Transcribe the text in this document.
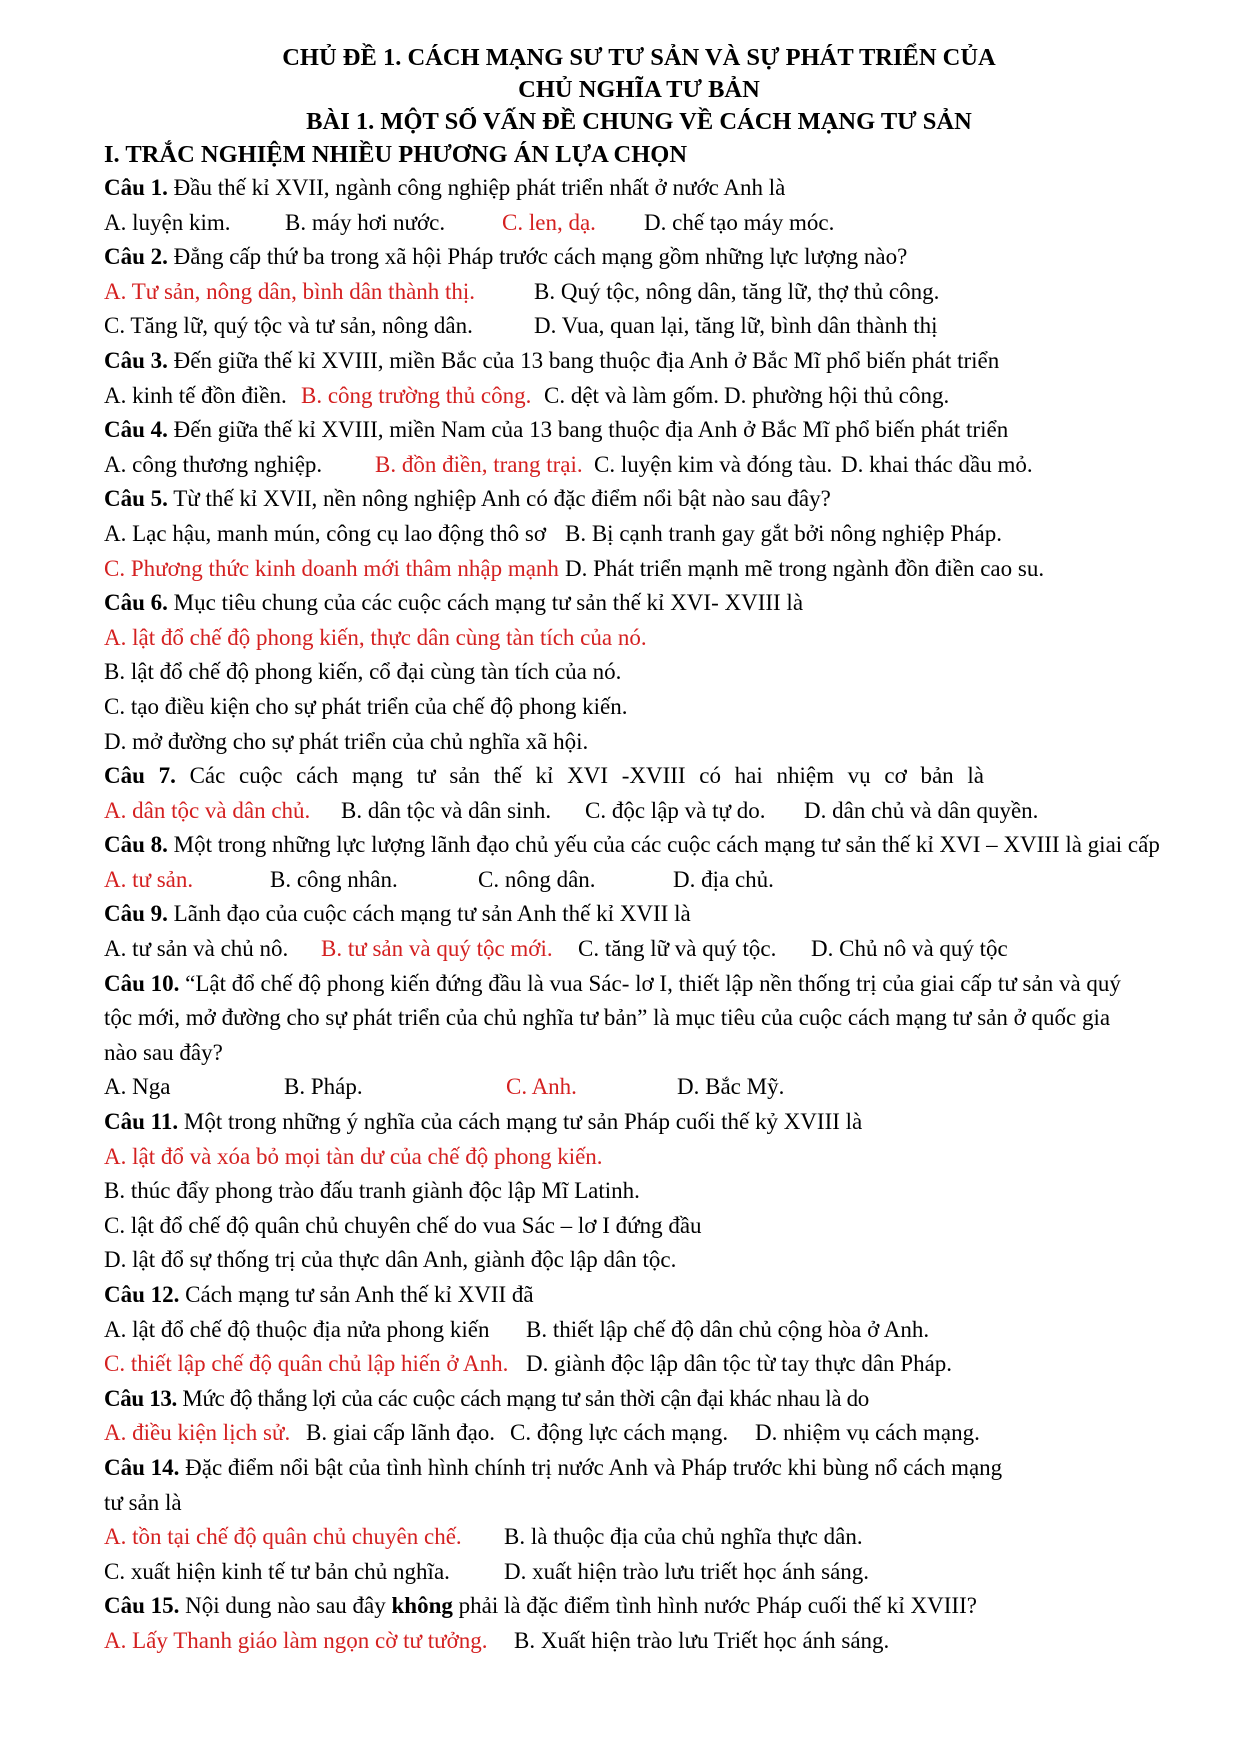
CHỦ ĐỀ 1. CÁCH MẠNG SƯ TƯ SẢN VÀ SỰ PHÁT TRIỂN CỦA
CHỦ NGHĨA TƯ BẢN
BÀI 1. MỘT SỐ VẤN ĐỀ CHUNG VỀ CÁCH MẠNG TƯ SẢN
I. TRẮC NGHIỆM NHIỀU PHƯƠNG ÁN LỰA CHỌN
Câu 1. Đầu thế kỉ XVII, ngành công nghiệp phát triển nhất ở nước Anh là
A. luyện kim. B. máy hơi nước. C. len, dạ. D. chế tạo máy móc.
Câu 2. Đẳng cấp thứ ba trong xã hội Pháp trước cách mạng gồm những lực lượng nào?
A. Tư sản, nông dân, bình dân thành thị.	B. Quý tộc, nông dân, tăng lữ, thợ thủ công.
C. Tăng lữ, quý tộc và tư sản, nông dân.	D. Vua, quan lại, tăng lữ, bình dân thành thị
Câu 3. Đến giữa thế kỉ XVIII, miền Bắc của 13 bang thuộc địa Anh ở Bắc Mĩ phổ biến phát triển
A. kinh tế đồn điền. B. công trường thủ công. C. dệt và làm gốm. D. phường hội thủ công.
Câu 4. Đến giữa thế kỉ XVIII, miền Nam của 13 bang thuộc địa Anh ở Bắc Mĩ phổ biến phát triển
A. công thương nghiệp. B. đồn điền, trang trại. C. luyện kim và đóng tàu. D. khai thác dầu mỏ.
Câu 5. Từ thế kỉ XVII, nền nông nghiệp Anh có đặc điểm nổi bật nào sau đây?
A. Lạc hậu, manh mún, công cụ lao động thô sơ B. Bị cạnh tranh gay gắt bởi nông nghiệp Pháp.
C. Phương thức kinh doanh mới thâm nhập mạnh D. Phát triển mạnh mẽ trong ngành đồn điền cao su.
Câu 6. Mục tiêu chung của các cuộc cách mạng tư sản thế kỉ XVI- XVIII là
A. lật đổ chế độ phong kiến, thực dân cùng tàn tích của nó.
B. lật đổ chế độ phong kiến, cổ đại cùng tàn tích của nó.
C. tạo điều kiện cho sự phát triển của chế độ phong kiến.
D. mở đường cho sự phát triển của chủ nghĩa xã hội.
Câu 7. Các cuộc cách mạng tư sản thế kỉ XVI -XVIII có hai nhiệm vụ cơ bản là
A. dân tộc và dân chủ. B. dân tộc và dân sinh. C. độc lập và tự do. D. dân chủ và dân quyền.
Câu 8. Một trong những lực lượng lãnh đạo chủ yếu của các cuộc cách mạng tư sản thế kỉ XVI – XVIII là giai cấp
A. tư sản.	B. công nhân.	C. nông dân.	D. địa chủ.
Câu 9. Lãnh đạo của cuộc cách mạng tư sản Anh thế kỉ XVII là
A. tư sản và chủ nô. B. tư sản và quý tộc mới. C. tăng lữ và quý tộc. D. Chủ nô và quý tộc
Câu 10. “Lật đổ chế độ phong kiến đứng đầu là vua Sác- lơ I, thiết lập nền thống trị của giai cấp tư sản và quý tộc mới, mở đường cho sự phát triển của chủ nghĩa tư bản” là mục tiêu của cuộc cách mạng tư sản ở quốc gia nào sau đây?
A. Nga	B. Pháp.	C. Anh.	D. Bắc Mỹ.
Câu 11. Một trong những ý nghĩa của cách mạng tư sản Pháp cuối thế kỷ XVIII là
A. lật đổ và xóa bỏ mọi tàn dư của chế độ phong kiến.
B. thúc đẩy phong trào đấu tranh giành độc lập Mĩ Latinh.
C. lật đổ chế độ quân chủ chuyên chế do vua Sác – lơ I đứng đầu
D. lật đổ sự thống trị của thực dân Anh, giành độc lập dân tộc.
Câu 12. Cách mạng tư sản Anh thế kỉ XVII đã
A. lật đổ chế độ thuộc địa nửa phong kiến B. thiết lập chế độ dân chủ cộng hòa ở Anh.
C. thiết lập chế độ quân chủ lập hiến ở Anh. D. giành độc lập dân tộc từ tay thực dân Pháp.
Câu 13. Mức độ thắng lợi của các cuộc cách mạng tư sản thời cận đại khác nhau là do
A. điều kiện lịch sử. B. giai cấp lãnh đạo. C. động lực cách mạng. D. nhiệm vụ cách mạng.
Câu 14. Đặc điểm nổi bật của tình hình chính trị nước Anh và Pháp trước khi bùng nổ cách mạng tư sản là
A. tồn tại chế độ quân chủ chuyên chế. B. là thuộc địa của chủ nghĩa thực dân.
C. xuất hiện kinh tế tư bản chủ nghĩa. D. xuất hiện trào lưu triết học ánh sáng.
Câu 15. Nội dung nào sau đây không phải là đặc điểm tình hình nước Pháp cuối thế kỉ XVIII?
A. Lấy Thanh giáo làm ngọn cờ tư tưởng. B. Xuất hiện trào lưu Triết học ánh sáng.
